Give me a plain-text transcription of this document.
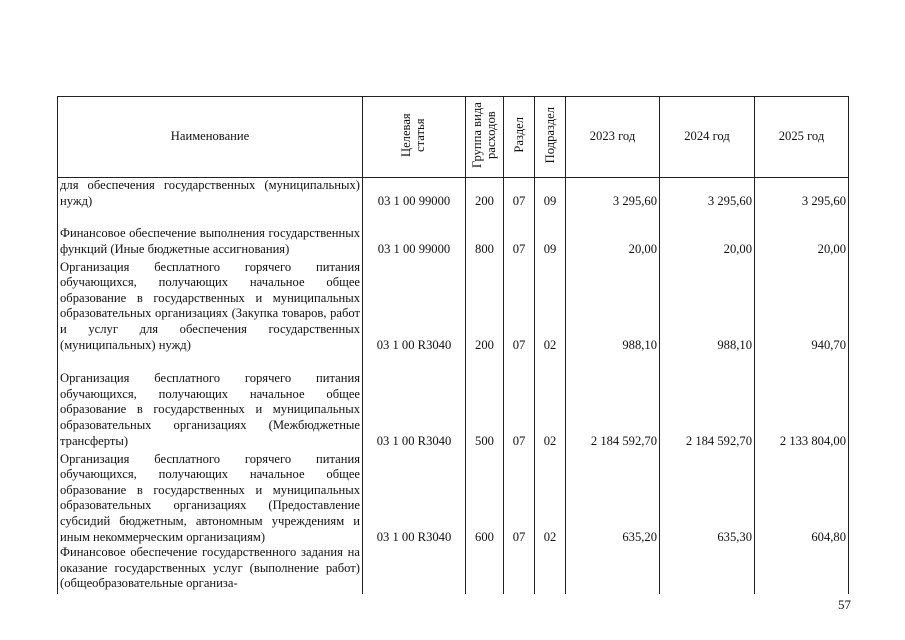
Наименование	Целевая статья	Группа вида расходов	Раздел	Подраздел	2023 год	2024 год	2025 год
для обеспечения государственных (муниципальных) нужд)	03 1 00 99000	200	07	09	3 295,60	3 295,60	3 295,60
Финансовое обеспечение выполнения государственных функций (Иные бюджетные ассигнования)	03 1 00 99000	800	07	09	20,00	20,00	20,00
Организация бесплатного горячего питания обучающихся, получающих начальное общее образование в государственных и муниципальных образовательных организациях (Закупка товаров, работ и услуг для обеспечения государственных (муниципальных) нужд)	03 1 00 R3040	200	07	02	988,10	988,10	940,70
Организация бесплатного горячего питания обучающихся, получающих начальное общее образование в государственных и муниципальных образовательных организациях (Межбюджетные трансферты)	03 1 00 R3040	500	07	02	2 184 592,70	2 184 592,70	2 133 804,00
Организация бесплатного горячего питания обучающихся, получающих начальное общее образование в государственных и муниципальных образовательных организациях (Предоставление субсидий бюджетным, автономным учреждениям и иным некоммерческим организациям)	03 1 00 R3040	600	07	02	635,20	635,30	604,80
Финансовое обеспечение государственного задания на оказание государственных услуг (выполнение работ) (общеобразовательные организа-							
57
